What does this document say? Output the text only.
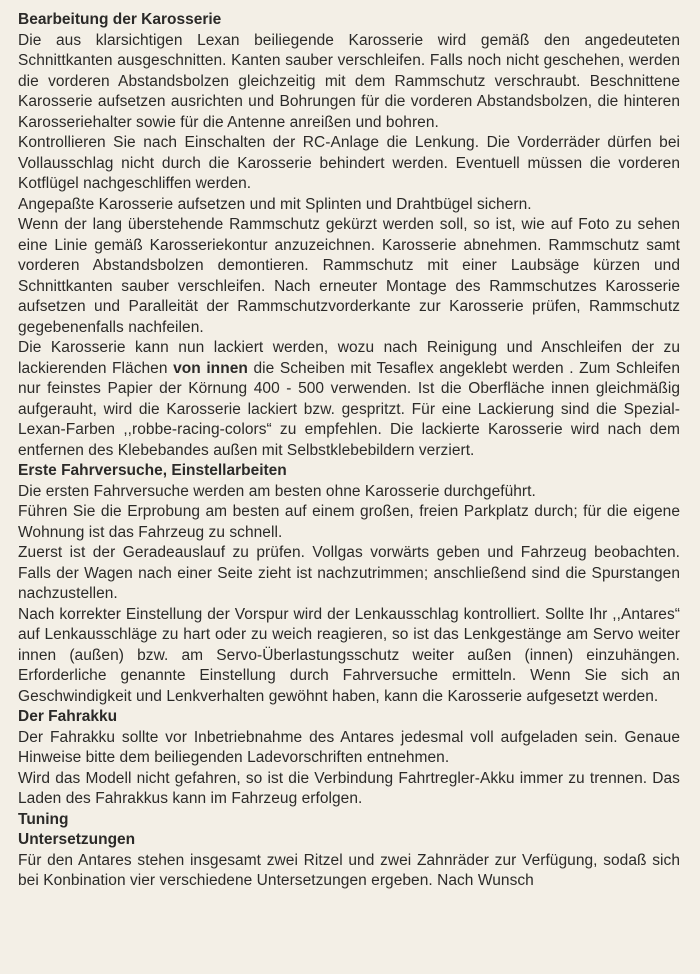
Bearbeitung der Karosserie

Die aus klarsichtigen Lexan beiliegende Karosserie wird gemäß den angedeuteten Schnittkanten ausgeschnitten. Kanten sauber verschleifen. Falls noch nicht geschehen, werden die vorderen Abstandsbolzen gleichzeitig mit dem Rammschutz verschraubt. Beschnittene Karosserie aufsetzen ausrichten und Bohrungen für die vorderen Abstandsbolzen, die hinteren Karosseriehalter sowie für die Antenne anreißen und bohren.

Kontrollieren Sie nach Einschalten der RC-Anlage die Lenkung. Die Vorderräder dürfen bei Vollausschlag nicht durch die Karosserie behindert werden. Eventuell müssen die vorderen Kotflügel nachgeschliffen werden.

Angepaßte Karosserie aufsetzen und mit Splinten und Drahtbügel sichern.

Wenn der lang überstehende Rammschutz gekürzt werden soll, so ist, wie auf Foto zu sehen eine Linie gemäß Karosseriekontur anzuzeichnen. Karosserie abnehmen. Rammschutz samt vorderen Abstandsbolzen demontieren. Rammschutz mit einer Laubsäge kürzen und Schnittkanten sauber verschleifen. Nach erneuter Montage des Rammschutzes Karosserie aufsetzen und Paralleität der Rammschutzvorderkante zur Karosserie prüfen, Rammschutz gegebenenfalls nachfeilen.

Die Karosserie kann nun lackiert werden, wozu nach Reinigung und Anschleifen der zu lackierenden Flächen von innen die Scheiben mit Tesaflex angeklebt werden . Zum Schleifen nur feinstes Papier der Körnung 400 - 500 verwenden. Ist die Oberfläche innen gleichmäßig aufgerauht, wird die Karosserie lackiert bzw. gespritzt. Für eine Lackierung sind die Spezial-Lexan-Farben ,,robbe-racing-colors“ zu empfehlen. Die lackierte Karosserie wird nach dem entfernen des Klebebandes außen mit Selbstklebebildern verziert.

Erste Fahrversuche, Einstellarbeiten

Die ersten Fahrversuche werden am besten ohne Karosserie durchgeführt.

Führen Sie die Erprobung am besten auf einem großen, freien Parkplatz durch; für die eigene Wohnung ist das Fahrzeug zu schnell.

Zuerst ist der Geradeauslauf zu prüfen. Vollgas vorwärts geben und Fahrzeug beobachten. Falls der Wagen nach einer Seite zieht ist nachzutrimmen; anschließend sind die Spurstangen nachzustellen.

Nach korrekter Einstellung der Vorspur wird der Lenkausschlag kontrolliert. Sollte Ihr ,,Antares“ auf Lenkausschläge zu hart oder zu weich reagieren, so ist das Lenkgestänge am Servo weiter innen (außen) bzw. am Servo-Überlastungsschutz weiter außen (innen) einzuhängen. Erforderliche genannte Einstellung durch Fahrversuche ermitteln. Wenn Sie sich an Geschwindigkeit und Lenkverhalten gewöhnt haben, kann die Karosserie aufgesetzt werden.

Der Fahrakku

Der Fahrakku sollte vor Inbetriebnahme des Antares jedesmal voll aufgeladen sein. Genaue Hinweise bitte dem beiliegenden Ladevorschriften entnehmen.

Wird das Modell nicht gefahren, so ist die Verbindung Fahrtregler-Akku immer zu trennen. Das Laden des Fahrakkus kann im Fahrzeug erfolgen.

Tuning

Untersetzungen

Für den Antares stehen insgesamt zwei Ritzel und zwei Zahnräder zur Verfügung, sodaß sich bei Konbination vier verschiedene Untersetzungen ergeben. Nach Wunsch
